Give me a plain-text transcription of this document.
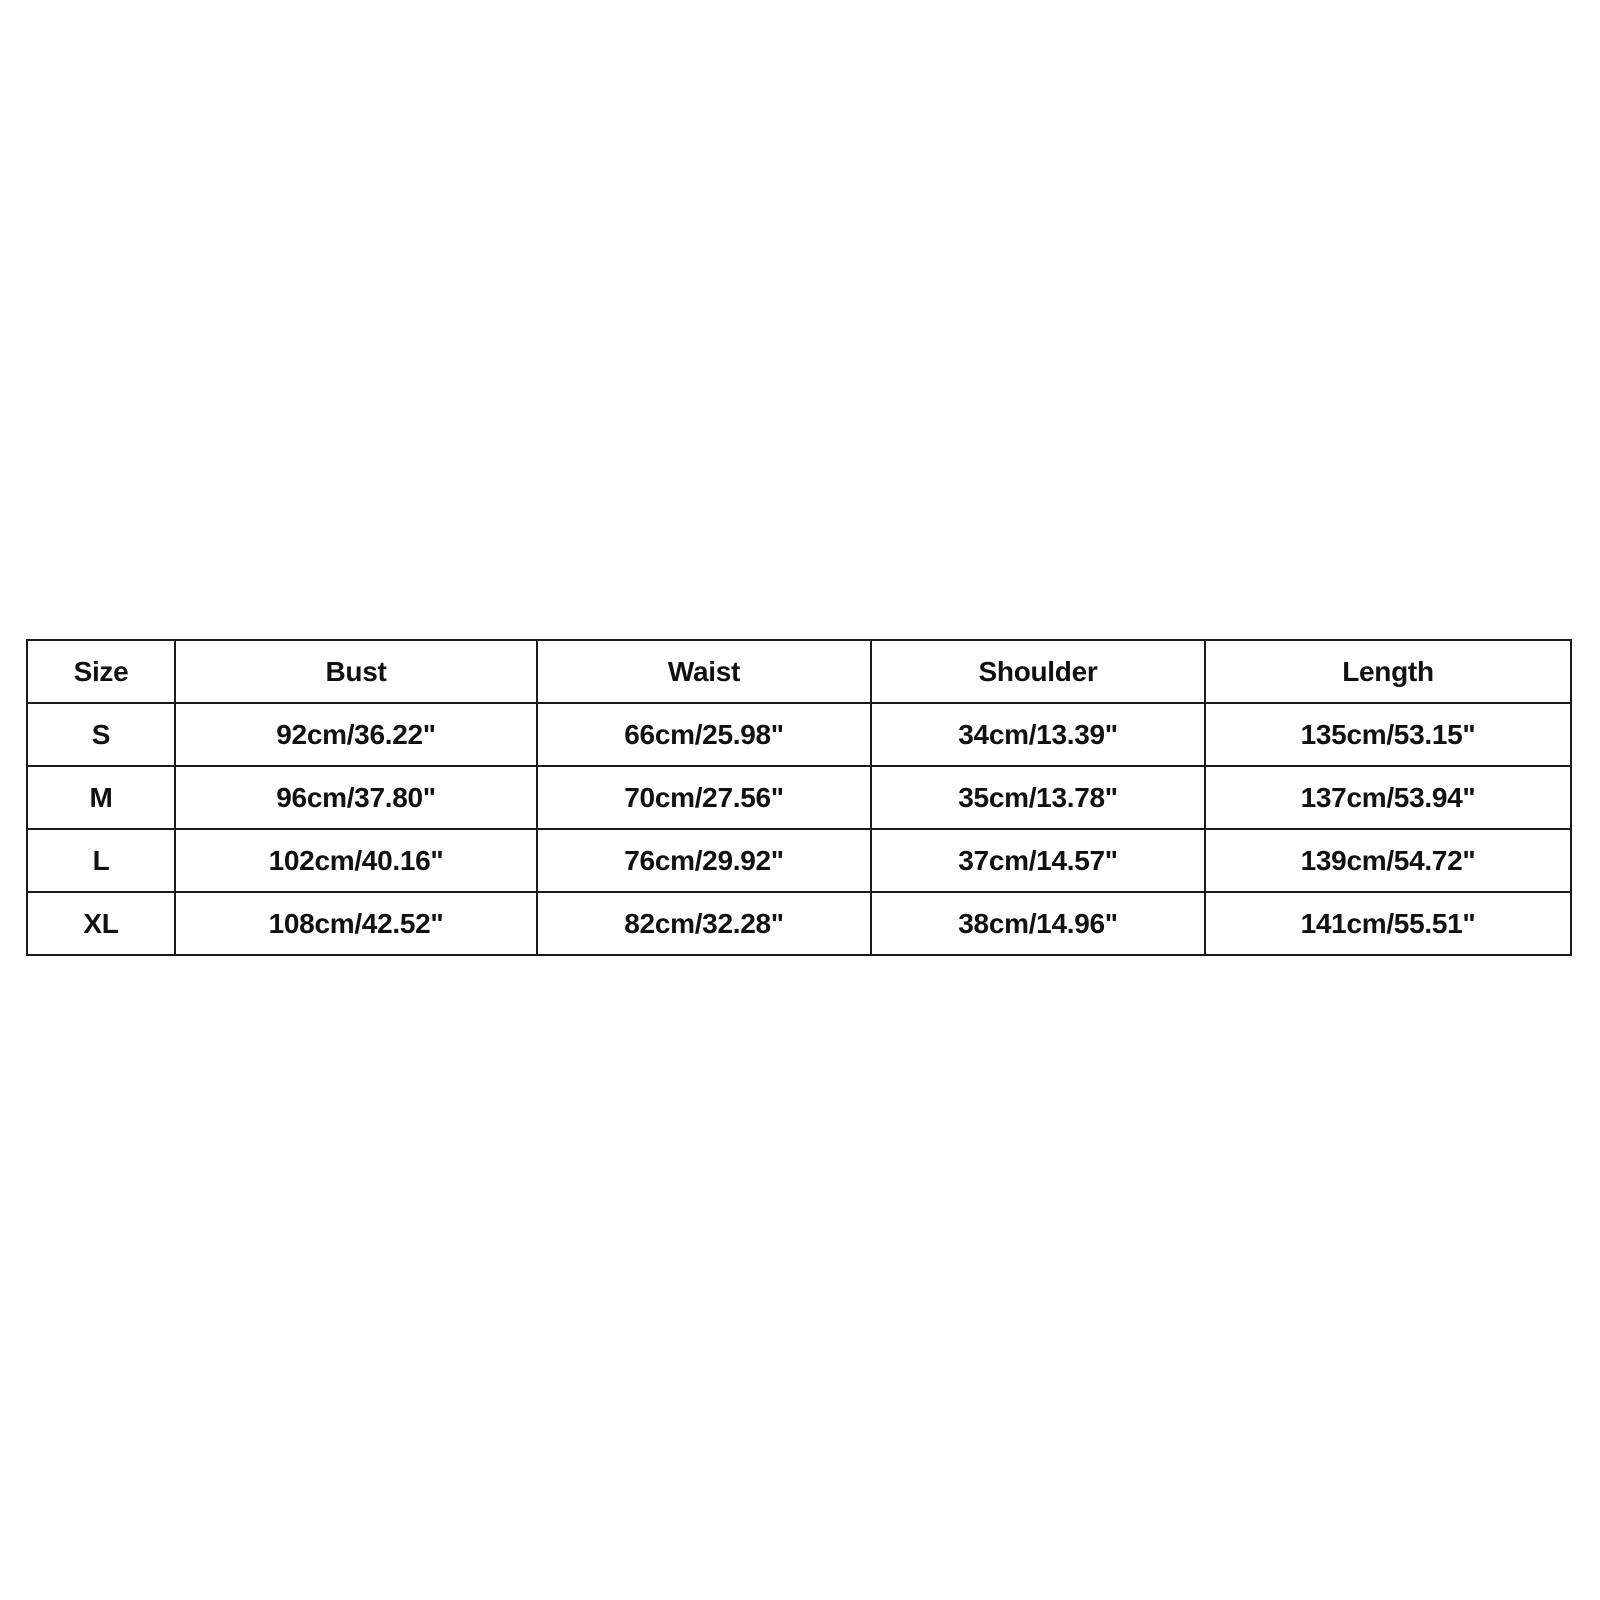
Size	Bust	Waist	Shoulder	Length
S	92cm/36.22"	66cm/25.98"	34cm/13.39"	135cm/53.15"
M	96cm/37.80"	70cm/27.56"	35cm/13.78"	137cm/53.94"
L	102cm/40.16"	76cm/29.92"	37cm/14.57"	139cm/54.72"
XL	108cm/42.52"	82cm/32.28"	38cm/14.96"	141cm/55.51"
